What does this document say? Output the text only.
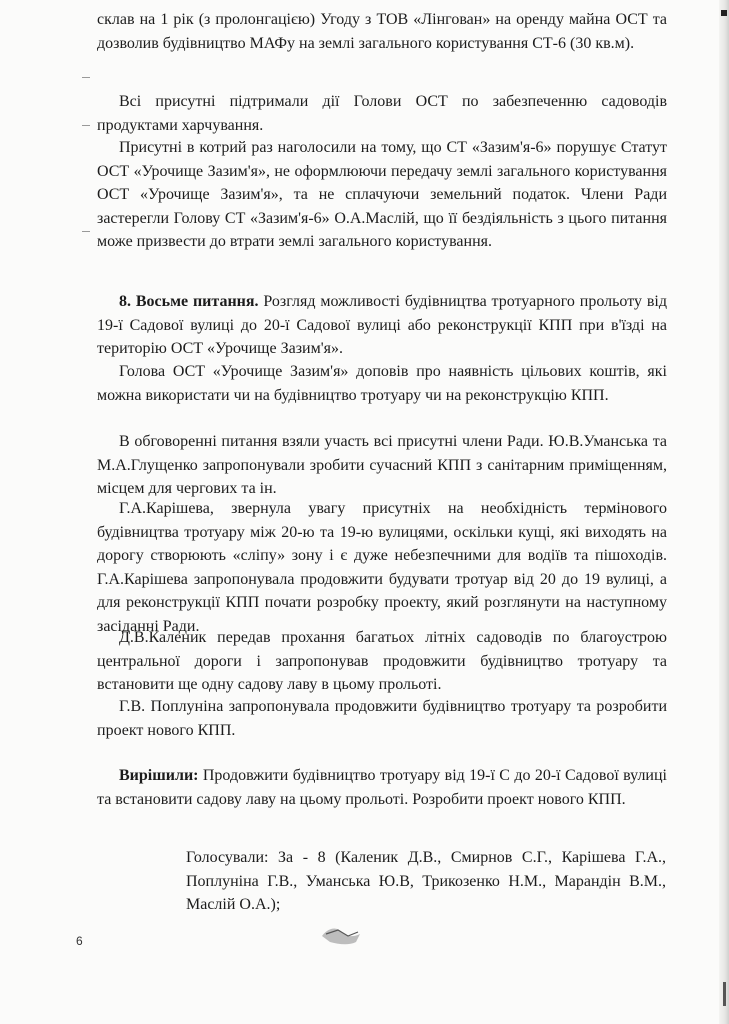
склав на 1 рік (з пролонгацією) Угоду з ТОВ «Лінгован» на оренду майна ОСТ та дозволив будівництво МАФу на землі загального користування СТ-6 (30 кв.м).

Всі присутні підтримали дії Голови ОСТ по забезпеченню садоводів продуктами харчування.

Присутні в котрий раз наголосили на тому, що СТ «Зазим'я-6» порушує Статут ОСТ «Урочище Зазим'я», не оформлюючи передачу землі загального користування ОСТ «Урочище Зазим'я», та не сплачуючи земельний податок. Члени Ради застерегли Голову СТ «Зазим'я-6» О.А.Маслій, що її бездіяльність з цього питання може призвести до втрати землі загального користування.

8. Восьме питання. Розгляд можливості будівництва тротуарного прольоту від 19-ї Садової вулиці до 20-ї Садової вулиці або реконструкції КПП при в'їзді на територію ОСТ «Урочище Зазим'я».

Голова ОСТ «Урочище Зазим'я» доповів про наявність цільових коштів, які можна використати чи на будівництво тротуару чи на реконструкцію КПП.

В обговоренні питання взяли участь всі присутні члени Ради. Ю.В.Уманська та М.А.Глущенко запропонували зробити сучасний КПП з санітарним приміщенням, місцем для чергових та ін.

Г.А.Карішева, звернула увагу присутніх на необхідність термінового будівництва тротуару між 20-ю та 19-ю вулицями, оскільки кущі, які виходять на дорогу створюють «сліпу» зону і є дуже небезпечними для водіїв та пішоходів. Г.А.Карішева запропонувала продовжити будувати тротуар від 20 до 19 вулиці, а для реконструкції КПП почати розробку проекту, який розглянути на наступному засіданні Ради.

Д.В.Каленик передав прохання багатьох літніх садоводів по благоустрою центральної дороги і запропонував продовжити будівництво тротуару та встановити ще одну садову лаву в цьому прольоті.

Г.В. Поплуніна запропонувала продовжити будівництво тротуару та розробити проект нового КПП.

Вирішили: Продовжити будівництво тротуару від 19-ї С до 20-ї Садової вулиці та встановити садову лаву на цьому прольоті. Розробити проект нового КПП.

Голосували: За - 8 (Каленик Д.В., Смирнов С.Г., Карішева Г.А., Поплуніна Г.В., Уманська Ю.В, Трикозенко Н.М., Марандін В.М., Маслій О.А.);
6
